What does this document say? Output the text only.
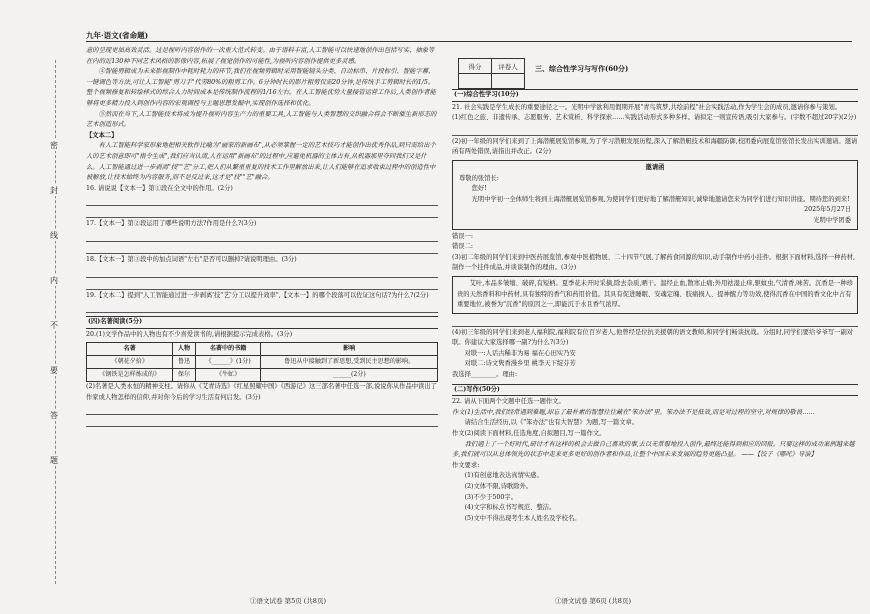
九年·语文(省命题)
密
封
线
内
不
要
答
题

意的呈现更加高效灵活。这是视听内容创作的一次重大范式转变。由于语料丰富,人工智能可以快速地创作出包括写实、抽象等在内的近130种不同艺术风格的影像内容,拓展了视觉创作的可能性,为视听内容创作提供更多灵感。

④智能剪辑成为未来影视制作中耗时耗力的环节,我们在视频剪辑时采用智能镜头分类、自动标串、片段标引、智能字幕、一键调色等方法,可让人工智能"剪刀手"代劳80%的粗剪工作。6分钟时长的影片粗剪仅需20分钟,是传统手工剪辑时长的1/5。整个视频修复和转绘样式的综合人力时间成本是传统制作流程的1/16左右。在人工智能优势大量接管运营工作后,人类创作者能够将更多精力投入到创作内容的宏观调控与主题思想发掘中,实现创作选择和优化。

⑤然而在当下,人工智能技术将成为提升视听内容生产力的重要工具,人工智能与人类智慧的交织融合将会不断催生新形态的艺术创造形式。

【文本二】

有人工智能科学家形象地把相关软件比喻为"画家的新画布",从必须掌握一定的艺术技巧才能创作出优秀作品,到只需给出个人的艺术创意即可"指令生成",我们应当认清,人在运用"新画布"的过程中,应避免机器的主体占有,从机器那里夺回我们又是什么。人工智能通过进一步剥离"技""艺"分工,把人们从繁重重复的技术工作里解放出来,让人们能够在追求收束过程中的创造性中被解放,让技术始终为内容服务,而不是反过来,这才是"技""艺"融合。

16. 请说说【文本一】第①段在全文中的作用。(2分)

17.【文本一】第②段运用了哪些说明方法?作用是什么?(3分)

18.【文本一】第③段中的加点词语"左右"是否可以删掉?请说明理由。(3分)

19.【文本二】提到"人工智能通过进一步剥离'技''艺'分工以提升效率",【文本一】的哪个段落可以佐证这句话?为什么?(2分)

(四)名著阅读(5分)

20.(1)文学作品中的人物也有不少喜爱读书的,请根据提示完成表格。(3分)

名著	人物	名著中的书籍	影响
《朝花夕拾》	鲁迅	《______》(1分)	鲁迅从中接触到了新思想,受到民主思想的影响。
《钢铁是怎样炼成的》	保尔	《牛虻》	______(2分)

(2)名著是人类永恒的精神支柱。请你从《艾青诗选》《红星照耀中国》《西游记》这三部名著中任选一部,说说你从作品中读出了作家或人物怎样的信仰,并对你今后的学习生活有何启发。(3分)

得分	评卷人
	三、综合性学习与写作(60分)
(一)综合性学习(10分)

21. 社会实践是学生成长的重要途径之一。光明中学欲利用假期开展"青鸟筑梦,共绘前程"社会实践活动,作为学生会的成员,邀请你参与策划。

(1)红色之旅、非遗传承、志愿服务、艺术赏析、科学探索……实践活动形式多种多样。请拟定一则宣传语,吸引大家参与。(字数不超过20字)(2分)

(2)初一年级的同学们来到了上海潜艇展览馆参观,为了学习潜艇发展历程,深入了解潜艇技术和海疆防御,校团委向展览馆张馆长发出实训邀请。邀请函有两处错误,请指出并改正。(2分)

邀请函

尊敬的张馆长:

您好!

光明中学初一全体师生将到上海潜艇展览馆参观,为使同学们更好地了解潜艇知识,诚挚地邀请您来为同学们进行知识讲座。期待您的到来!

2025年5月27日

光明中学团委

错误一:

错误二:

(3)初二年级的同学们来到中医药展览馆,参观中医植物展、二十四节气展,了解药食同源的知识,动手制作中药小挂件。根据下面材料,选择一种药材,制作一个挂件成品,并谈谈制作的理由。(3分)

艾叶,本品多皱缩、破碎,有短柄。夏季花未开时采摘,除去杂质,晒干。温经止血,散寒止痛;外用祛湿止痒,驱蚊虫,气清香,味苦。沉香是一种珍贵的天然香料和中药材,具有独特的香气和药用价值。其具有促进睡眠、安魂定魄、肢痛损人、提神醒力等功效,使得沉香在中国的香文化中占有重要地位,被誉为"沉香"的原因之一,即能沉于水且香气浓厚。

(4)初三年级的同学们来到老人福利院,福利院有位百岁老人,他曾经是位抗美援朝的语文教师,和同学们畅谈抗战。分组时,同学们要给爷爷写一副对联。你建议大家选择哪一副?为什么?(3分)

对联一:人话古稀非为易 福在心田实乃安

对联二:诗文隽香漫乡里 桃李天下绽芬芳

我选择________。理由:

(二)写作(50分)

22. 请从下面两个文题中任选一题作文。

作文(1)生活中,我们经常遇到难题,却忘了最朴素的智慧往往藏在"笨办法"里。笨办法不是低效,而是对过程的坚守,对规律的敬畏……

请结合生活经历,以《"笨办法"也有大智慧》为题,写一篇文章。

作文(2)阅读下面材料,任选角度,自拟题目,写一篇作文。

我们遇上了一个好时代,研讨才有这样的机会去做自己喜欢的事,去以无常鬃地投入创作,最终还能得到相应的回报。只要这样的成功案例越来越多,我们就可以从总体领先的状态中走来更多更好的创作者和作品,让整个中国未来发展的趋势更能凸显。 ——【饺子《哪吒》导演】

作文要求:

(1)有创意地表达真情实感。

(2)文体不限,诗歌除外。

(3)不少于500字。

(4)文字和标点书写规范、整洁。

(5)文中不得出现考生本人姓名及学校名。

①语文试卷 第5页 (共8页)	①语文试卷 第6页 (共8页)
